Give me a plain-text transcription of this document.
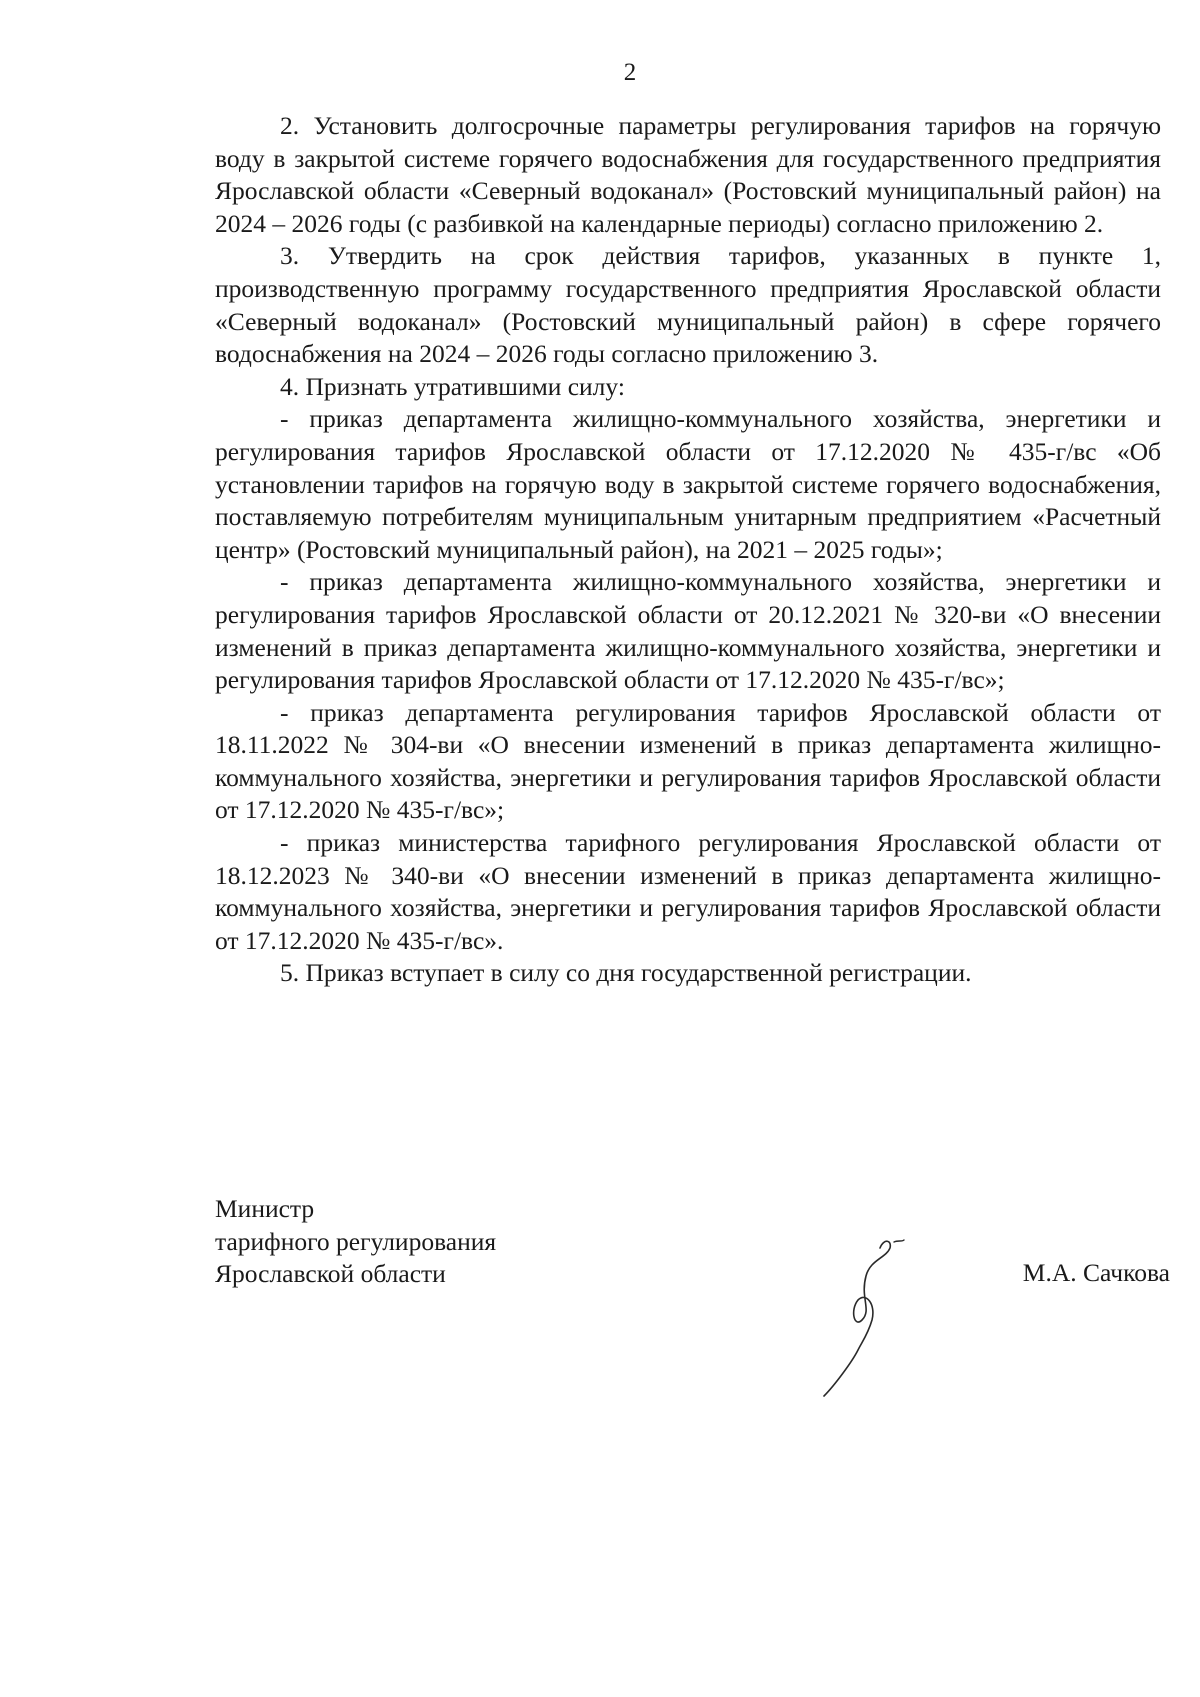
2

2. Установить долгосрочные параметры регулирования тарифов на горячую воду в закрытой системе горячего водоснабжения для государственного предприятия Ярославской области «Северный водоканал» (Ростовский муниципальный район) на 2024 – 2026 годы (с разбивкой на календарные периоды) согласно приложению 2.

3. Утвердить на срок действия тарифов, указанных в пункте 1, производственную программу государственного предприятия Ярославской области «Северный водоканал» (Ростовский муниципальный район) в сфере горячего водоснабжения на 2024 – 2026 годы согласно приложению 3.

4. Признать утратившими силу:

- приказ департамента жилищно-коммунального хозяйства, энергетики и регулирования тарифов Ярославской области от 17.12.2020 № 435-г/вс «Об установлении тарифов на горячую воду в закрытой системе горячего водоснабжения, поставляемую потребителям муниципальным унитарным предприятием «Расчетный центр» (Ростовский муниципальный район), на 2021 – 2025 годы»;

- приказ департамента жилищно-коммунального хозяйства, энергетики и регулирования тарифов Ярославской области от 20.12.2021 № 320-ви «О внесении изменений в приказ департамента жилищно-коммунального хозяйства, энергетики и регулирования тарифов Ярославской области от 17.12.2020 № 435-г/вс»;

- приказ департамента регулирования тарифов Ярославской области от 18.11.2022 № 304-ви «О внесении изменений в приказ департамента жилищно-коммунального хозяйства, энергетики и регулирования тарифов Ярославской области от 17.12.2020 № 435-г/вс»;

- приказ министерства тарифного регулирования Ярославской области от 18.12.2023 № 340-ви «О внесении изменений в приказ департамента жилищно-коммунального хозяйства, энергетики и регулирования тарифов Ярославской области от 17.12.2020 № 435-г/вс».

5. Приказ вступает в силу со дня государственной регистрации.

Министр
тарифного регулирования
Ярославской области	М.А. Сачкова
